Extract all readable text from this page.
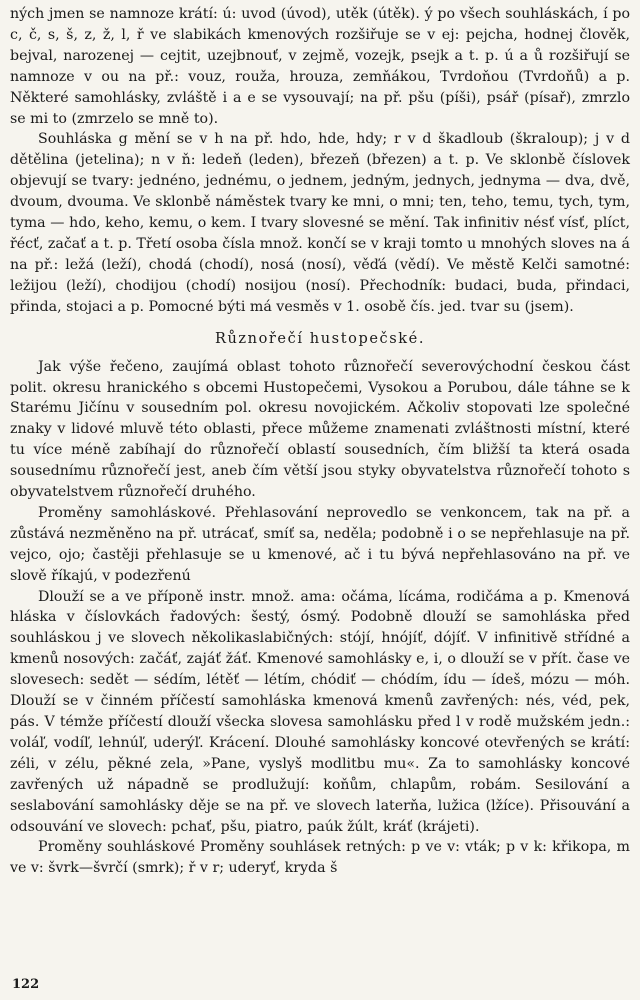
ných jmen se namnoze krátí: ú: uvod (úvod), utěk (útěk). ý po všech souhláskách, í po c, č, s, š, z, ž, l, ř ve slabikách kmenových rozšiřuje se v ej: pejcha, hodnej člověk, bejval, narozenej — cejtit, uzejbnouť, v zejmě, vozejk, psejk a t. p. ú a ů rozšiřují se namnoze v ou na př.: vouz, rouža, hrouza, zemňákou, Tvrdoňou (Tvrdoňů) a p. Některé samohlásky, zvláště i a e se vysouvají; na př. pšu (píši), psář (písař), zmrzlo se mi to (zmrzelo se mně to).

Souhláska g mění se v h na př. hdo, hde, hdy; r v d škadloub (škraloup); j v d dětělina (jetelina); n v ň: ledeň (leden), březeň (březen) a t. p. Ve sklonbě číslovek objevují se tvary: jednéno, jednému, o jednem, jedným, jednych, jednyma — dva, dvě, dvoum, dvouma. Ve sklonbě náměstek tvary ke mni, o mni; ten, teho, temu, tych, tym, tyma — hdo, keho, kemu, o kem. I tvary slovesné se mění. Tak infinitiv nésť vísť, plíct, řécť, začať a t. p. Třetí osoba čísla množ. končí se v kraji tomto u mnohých sloves na á na př.: ležá (leží), chodá (chodí), nosá (nosí), věďá (vědí). Ve městě Kelči samotné: ležijou (leží), chodijou (chodí) nosijou (nosí). Přechodník: budaci, buda, přindaci, přinda, stojaci a p. Pomocné býti má vesměs v 1. osobě čís. jed. tvar su (jsem).

Různořečí hustopečské.

Jak výše řečeno, zaujímá oblast tohoto různořečí severovýchodní českou část polit. okresu hranického s obcemi Hustopečemi, Vysokou a Porubou, dále táhne se k Starému Jičínu v sousedním pol. okresu novojickém. Ačkoliv stopovati lze společné znaky v lidové mluvě této oblasti, přece můžeme znamenati zvláštnosti místní, které tu více méně zabíhají do různořečí oblastí sousedních, čím bližší ta která osada sousednímu různořečí jest, aneb čím větší jsou styky obyvatelstva různořečí tohoto s obyvatelstvem různořečí druhého.

Proměny samohláskové. Přehlasování neprovedlo se venkoncem, tak na př. a zůstává nezměněno na př. utrácať, smíť sa, neděla; podobně i o se nepřehlasuje na př. vejco, ojo; častěji přehlasuje se u kmenové, ač i tu bývá nepřehlasováno na př. ve slově říkajú, v podezřenú

Dlouží se a ve příponě instr. množ. ama: očáma, lícáma, rodičáma a p. Kmenová hláska v číslovkách řadových: šestý, ósmý. Podobně dlouží se samohláska před souhláskou j ve slovech několikaslabičných: stójí, hnójíť, dójíť. V infinitivě střídné a kmenů nosových: začáť, zajáť žáť. Kmenové samohlásky e, i, o dlouží se v přít. čase ve slovesech: sedět — sédím, létěť — létím, chódiť — chódím, ídu — ídeš, mózu — móh. Dlouží se v činném příčestí samohláska kmenová kmenů zavřených: nés, véd, pek, pás. V témže příčestí dlouží všecka slovesa samohlásku před l v rodě mužském jedn.: voláľ, vodíľ, lehnúľ, uderýľ. Krácení. Dlouhé samohlásky koncové otevřených se krátí: zéli, v zélu, pěkné zela, »Pane, vyslyš modlitbu mu«. Za to samohlásky koncové zavřených už nápadně se prodlužují: koňům, chlapům, robám. Sesilování a seslabování samohlásky děje se na př. ve slovech laterňa, lužica (lžíce). Přisouvání a odsouvání ve slovech: pchať, pšu, piatro, paúk žúlt, kráť (krájeti).

Proměny souhláskové Proměny souhlásek retných: p ve v: vták; p v k: křikopa, m ve v: švrk—švrčí (smrk); ř v r; uderyť, kryda š

122
